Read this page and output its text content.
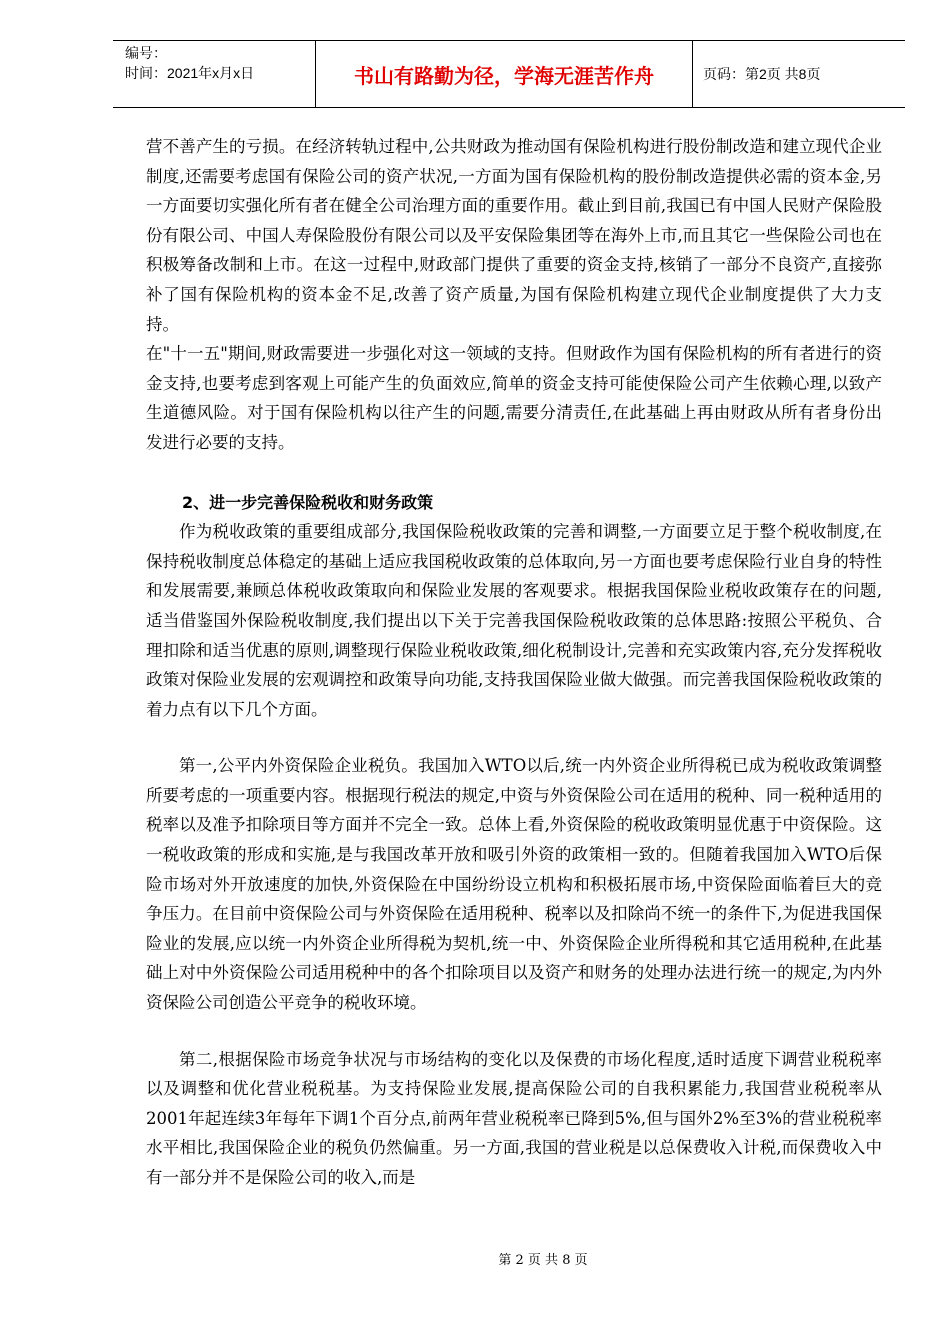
编号：
时间：2021年x月x日	书山有路勤为径，学海无涯苦作舟	页码：第2页 共8页

营不善产生的亏损。在经济转轨过程中,公共财政为推动国有保险机构进行股份制改造和建立现代企业制度,还需要考虑国有保险公司的资产状况,一方面为国有保险机构的股份制改造提供必需的资本金,另一方面要切实强化所有者在健全公司治理方面的重要作用。截止到目前,我国已有中国人民财产保险股份有限公司、中国人寿保险股份有限公司以及平安保险集团等在海外上市,而且其它一些保险公司也在积极筹备改制和上市。在这一过程中,财政部门提供了重要的资金支持,核销了一部分不良资产,直接弥补了国有保险机构的资本金不足,改善了资产质量,为国有保险机构建立现代企业制度提供了大力支持。

在"十一五"期间,财政需要进一步强化对这一领域的支持。但财政作为国有保险机构的所有者进行的资金支持,也要考虑到客观上可能产生的负面效应,简单的资金支持可能使保险公司产生依赖心理,以致产生道德风险。对于国有保险机构以往产生的问题,需要分清责任,在此基础上再由财政从所有者身份出发进行必要的支持。

2、进一步完善保险税收和财务政策

作为税收政策的重要组成部分,我国保险税收政策的完善和调整,一方面要立足于整个税收制度,在保持税收制度总体稳定的基础上适应我国税收政策的总体取向,另一方面也要考虑保险行业自身的特性和发展需要,兼顾总体税收政策取向和保险业发展的客观要求。根据我国保险业税收政策存在的问题,适当借鉴国外保险税收制度,我们提出以下关于完善我国保险税收政策的总体思路:按照公平税负、合理扣除和适当优惠的原则,调整现行保险业税收政策,细化税制设计,完善和充实政策内容,充分发挥税收政策对保险业发展的宏观调控和政策导向功能,支持我国保险业做大做强。而完善我国保险税收政策的着力点有以下几个方面。

第一,公平内外资保险企业税负。我国加入WTO以后,统一内外资企业所得税已成为税收政策调整所要考虑的一项重要内容。根据现行税法的规定,中资与外资保险公司在适用的税种、同一税种适用的税率以及准予扣除项目等方面并不完全一致。总体上看,外资保险的税收政策明显优惠于中资保险。这一税收政策的形成和实施,是与我国改革开放和吸引外资的政策相一致的。但随着我国加入WTO后保险市场对外开放速度的加快,外资保险在中国纷纷设立机构和积极拓展市场,中资保险面临着巨大的竞争压力。在目前中资保险公司与外资保险在适用税种、税率以及扣除尚不统一的条件下,为促进我国保险业的发展,应以统一内外资企业所得税为契机,统一中、外资保险企业所得税和其它适用税种,在此基础上对中外资保险公司适用税种中的各个扣除项目以及资产和财务的处理办法进行统一的规定,为内外资保险公司创造公平竞争的税收环境。

第二,根据保险市场竞争状况与市场结构的变化以及保费的市场化程度,适时适度下调营业税税率以及调整和优化营业税税基。为支持保险业发展,提高保险公司的自我积累能力,我国营业税税率从2001年起连续3年每年下调1个百分点,前两年营业税税率已降到5%,但与国外2%至3%的营业税税率水平相比,我国保险企业的税负仍然偏重。另一方面,我国的营业税是以总保费收入计税,而保费收入中有一部分并不是保险公司的收入,而是

第 2 页 共 8 页
